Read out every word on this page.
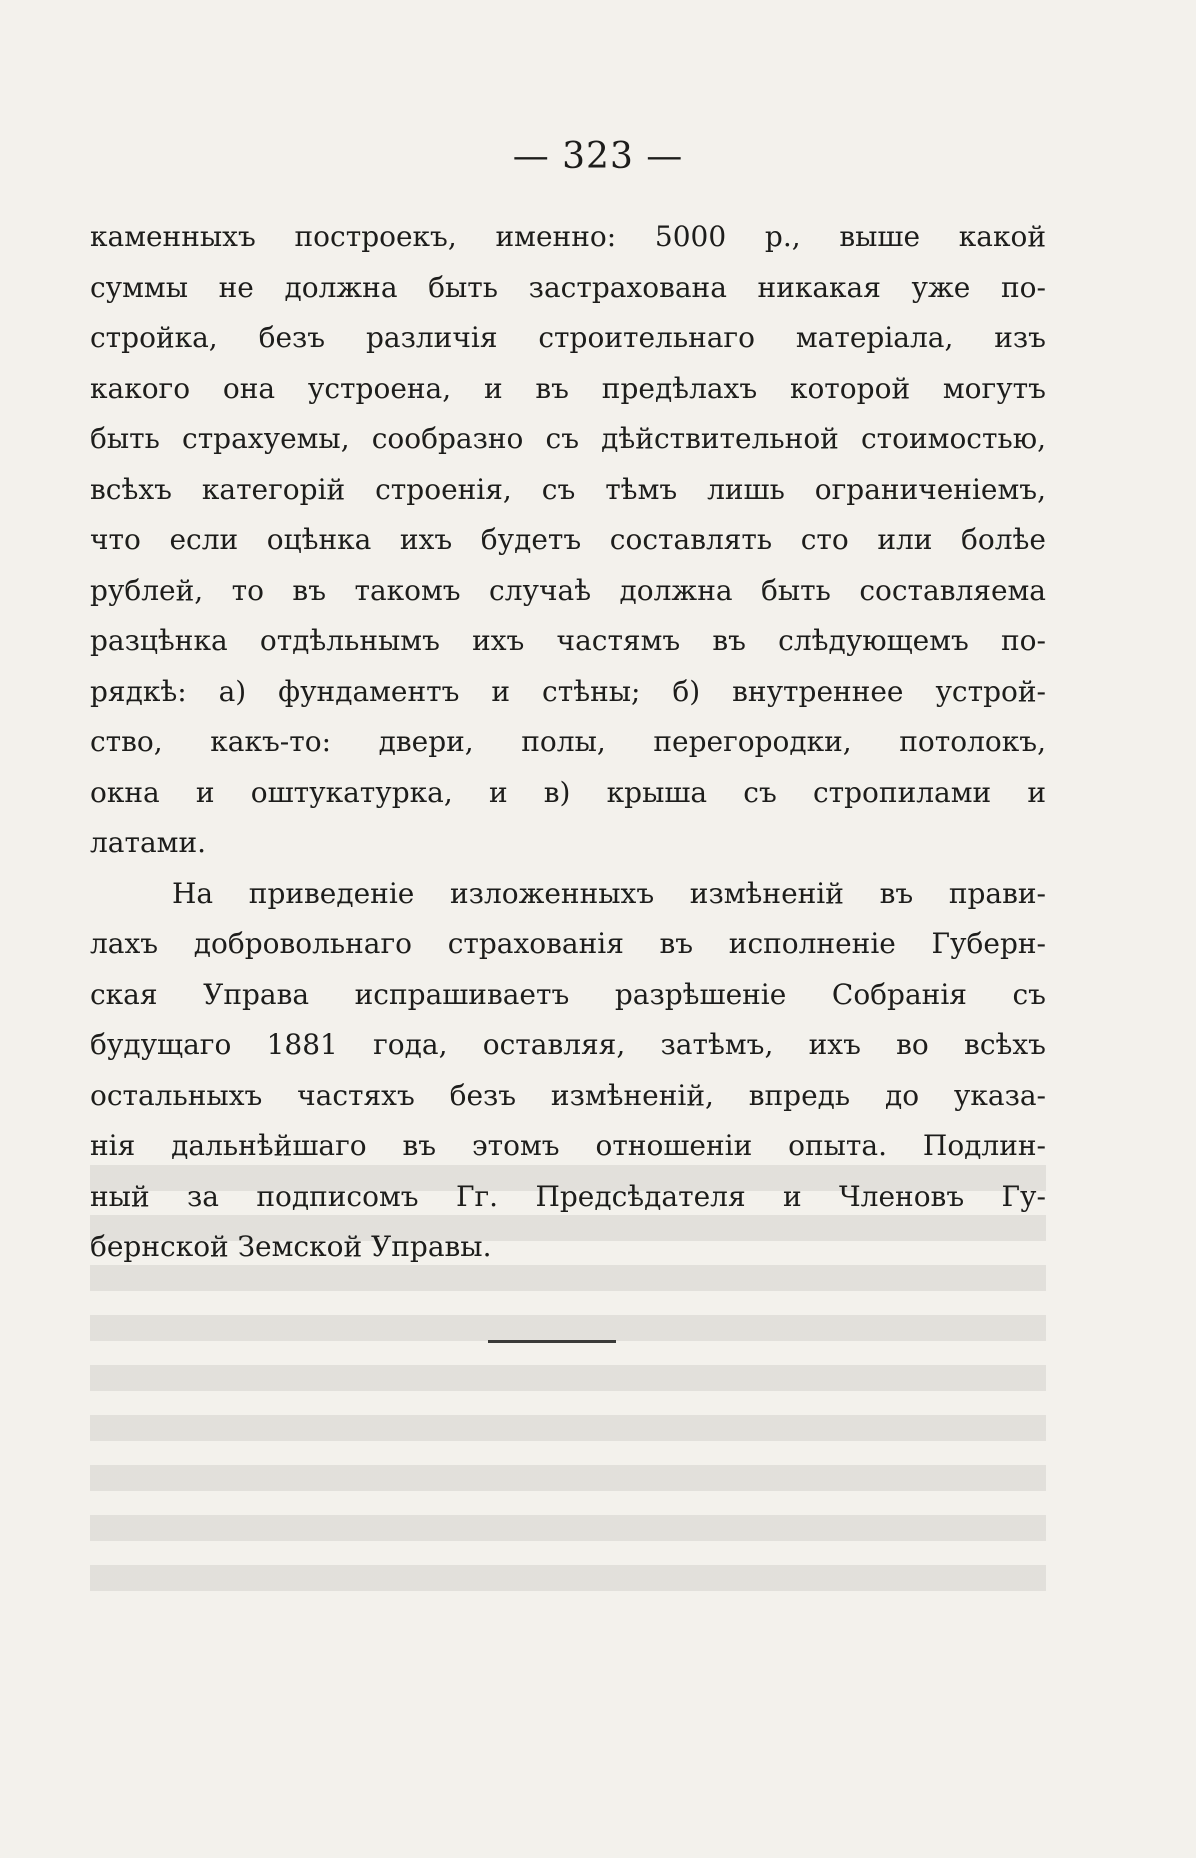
— 323 —
каменныхъ построекъ, именно: 5000 р., выше какой
суммы не должна быть застрахована никакая уже по-
стройка, безъ различія строительнаго матеріала, изъ
какого она устроена, и въ предѣлахъ которой могутъ
быть страхуемы, сообразно съ дѣйствительной стоимостью,
всѣхъ категорій строенія, съ тѣмъ лишь ограниченіемъ,
что если оцѣнка ихъ будетъ составлять сто или болѣе
рублей, то въ такомъ случаѣ должна быть составляема
разцѣнка отдѣльнымъ ихъ частямъ въ слѣдующемъ по-
рядкѣ: а) фундаментъ и стѣны; б) внутреннее устрой-
ство, какъ-то: двери, полы, перегородки, потолокъ,
окна и оштукатурка, и в) крыша съ стропилами и
латами.
На приведеніе изложенныхъ измѣненій въ прави-
лахъ добровольнаго страхованія въ исполненіе Губерн-
ская Управа испрашиваетъ разрѣшеніе Собранія съ
будущаго 1881 года, оставляя, затѣмъ, ихъ во всѣхъ
остальныхъ частяхъ безъ измѣненій, впредь до указа-
нія дальнѣйшаго въ этомъ отношеніи опыта. Подлин-
ный за подписомъ Гг. Предсѣдателя и Членовъ Гу-
бернской Земской Управы.
